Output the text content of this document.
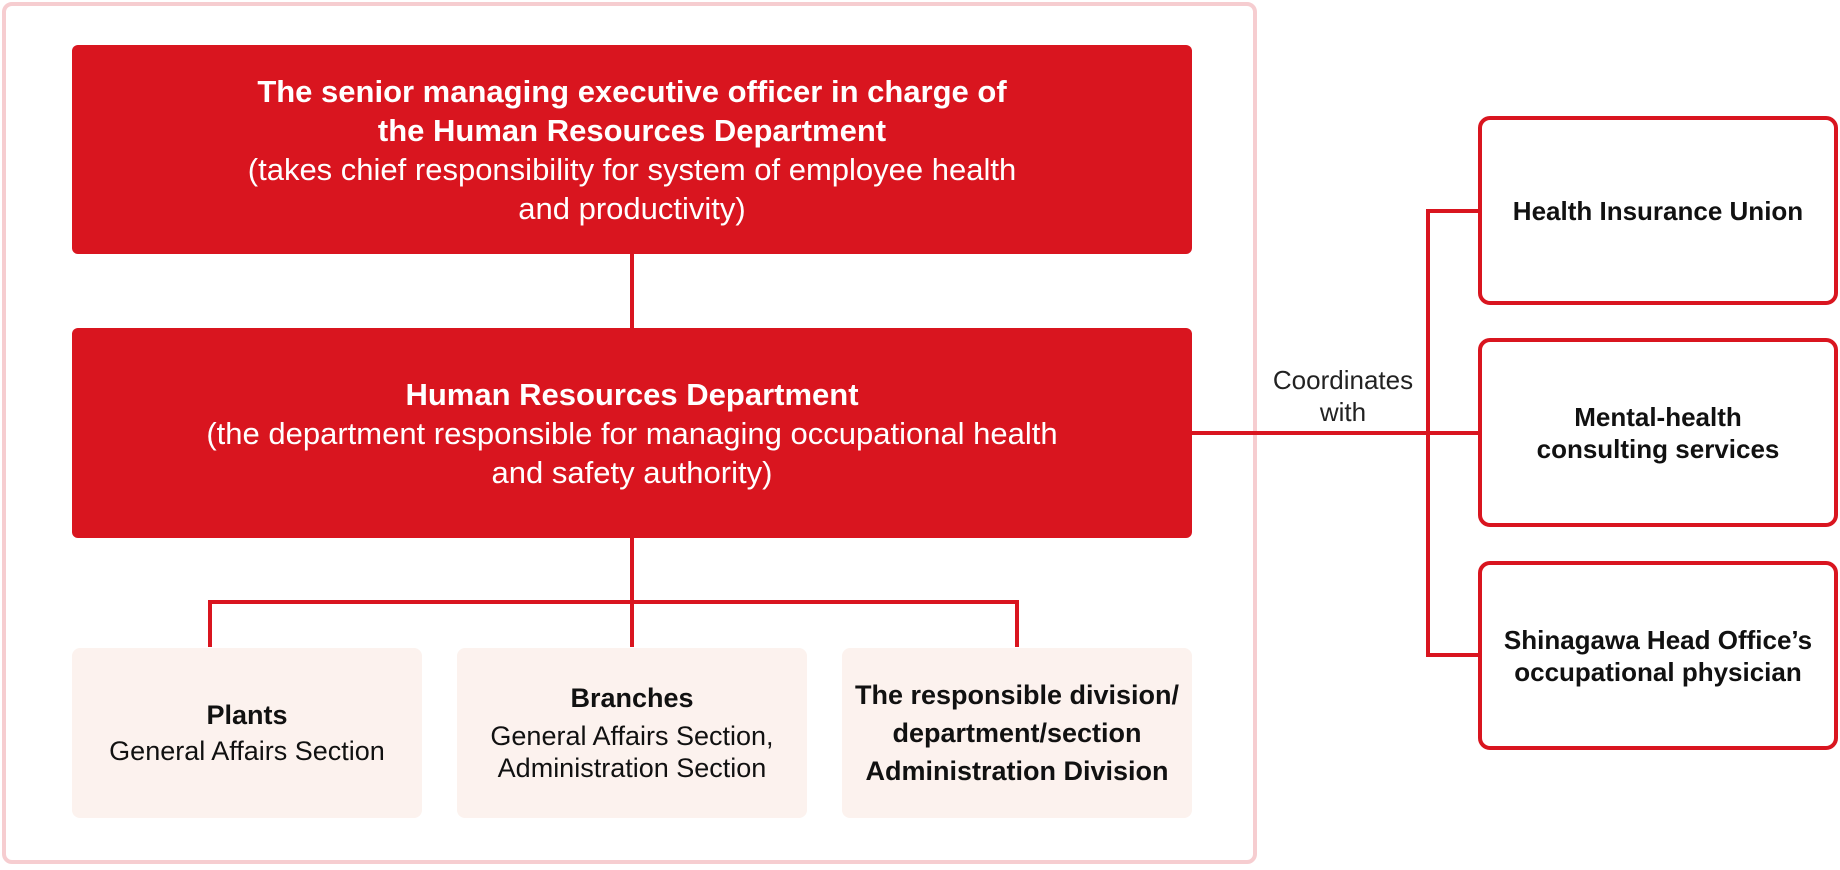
The senior managing executive officer in charge of
the Human Resources Department
(takes chief responsibility for system of employee health
and productivity)
Human Resources Department
(the department responsible for managing occupational health
and safety authority)
Plants
General Affairs Section
Branches
General Affairs Section,
Administration Section
The responsible division/
department/section
Administration Division
Coordinates
with
Health Insurance Union
Mental-health
consulting services
Shinagawa Head Office’s
occupational physician
